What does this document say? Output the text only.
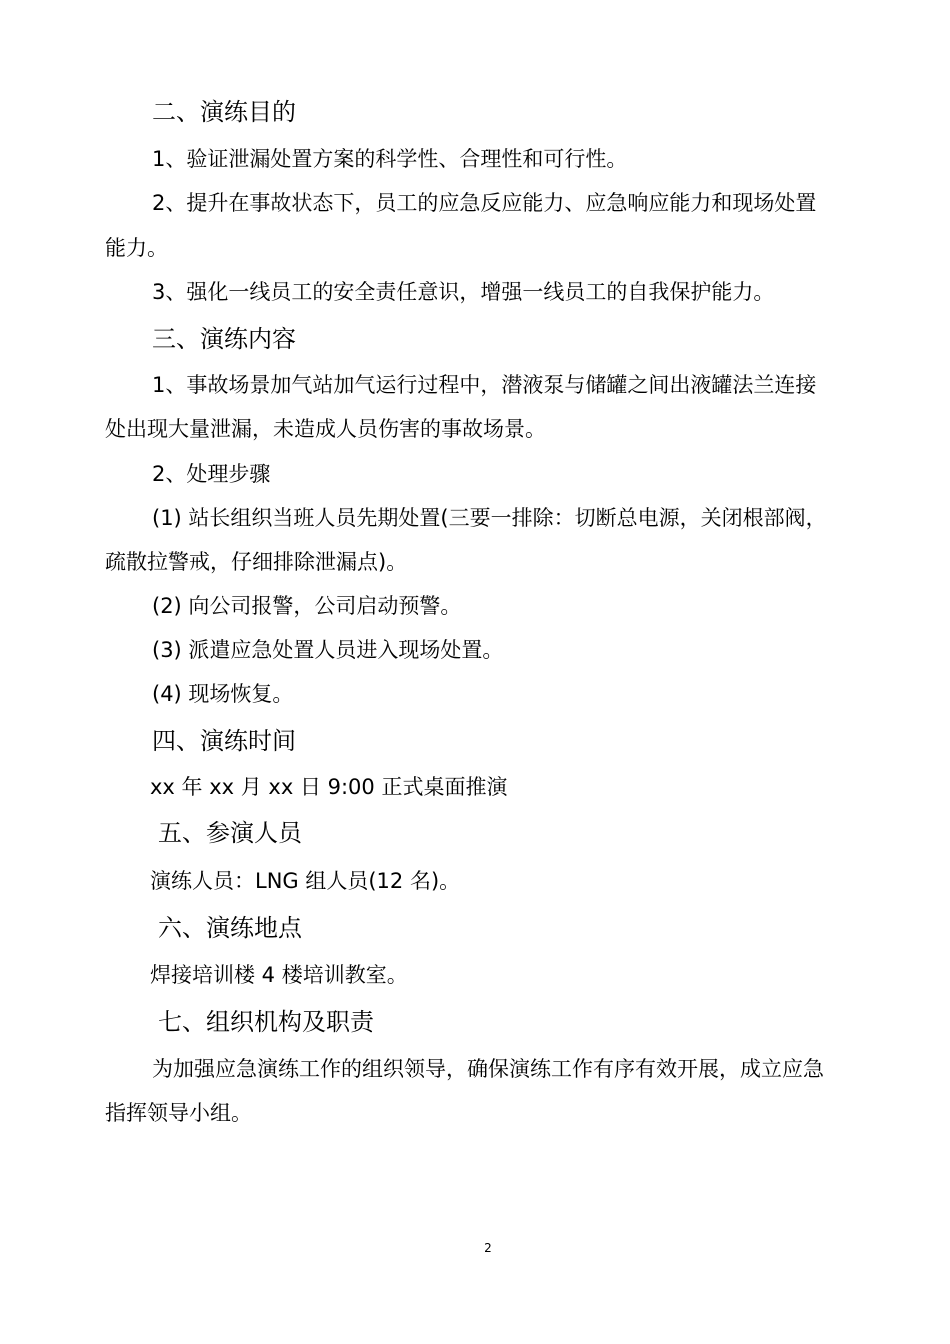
二、演练目的
1、验证泄漏处置方案的科学性、合理性和可行性。
2、提升在事故状态下，员工的应急反应能力、应急响应能力和现场处置
能力。
3、强化一线员工的安全责任意识，增强一线员工的自我保护能力。
三、演练内容
1、事故场景加气站加气运行过程中，潜液泵与储罐之间出液罐法兰连接
处出现大量泄漏，未造成人员伤害的事故场景。
2、处理步骤
(1) 站长组织当班人员先期处置(三要一排除：切断总电源，关闭根部阀，
疏散拉警戒，仔细排除泄漏点)。
(2) 向公司报警，公司启动预警。
(3) 派遣应急处置人员进入现场处置。
(4) 现场恢复。
四、演练时间
xx 年 xx 月 xx 日 9:00 正式桌面推演
五、参演人员
演练人员：LNG 组人员(12 名)。
六、演练地点
焊接培训楼 4 楼培训教室。
七、组织机构及职责
为加强应急演练工作的组织领导，确保演练工作有序有效开展，成立应急
指挥领导小组。
2
